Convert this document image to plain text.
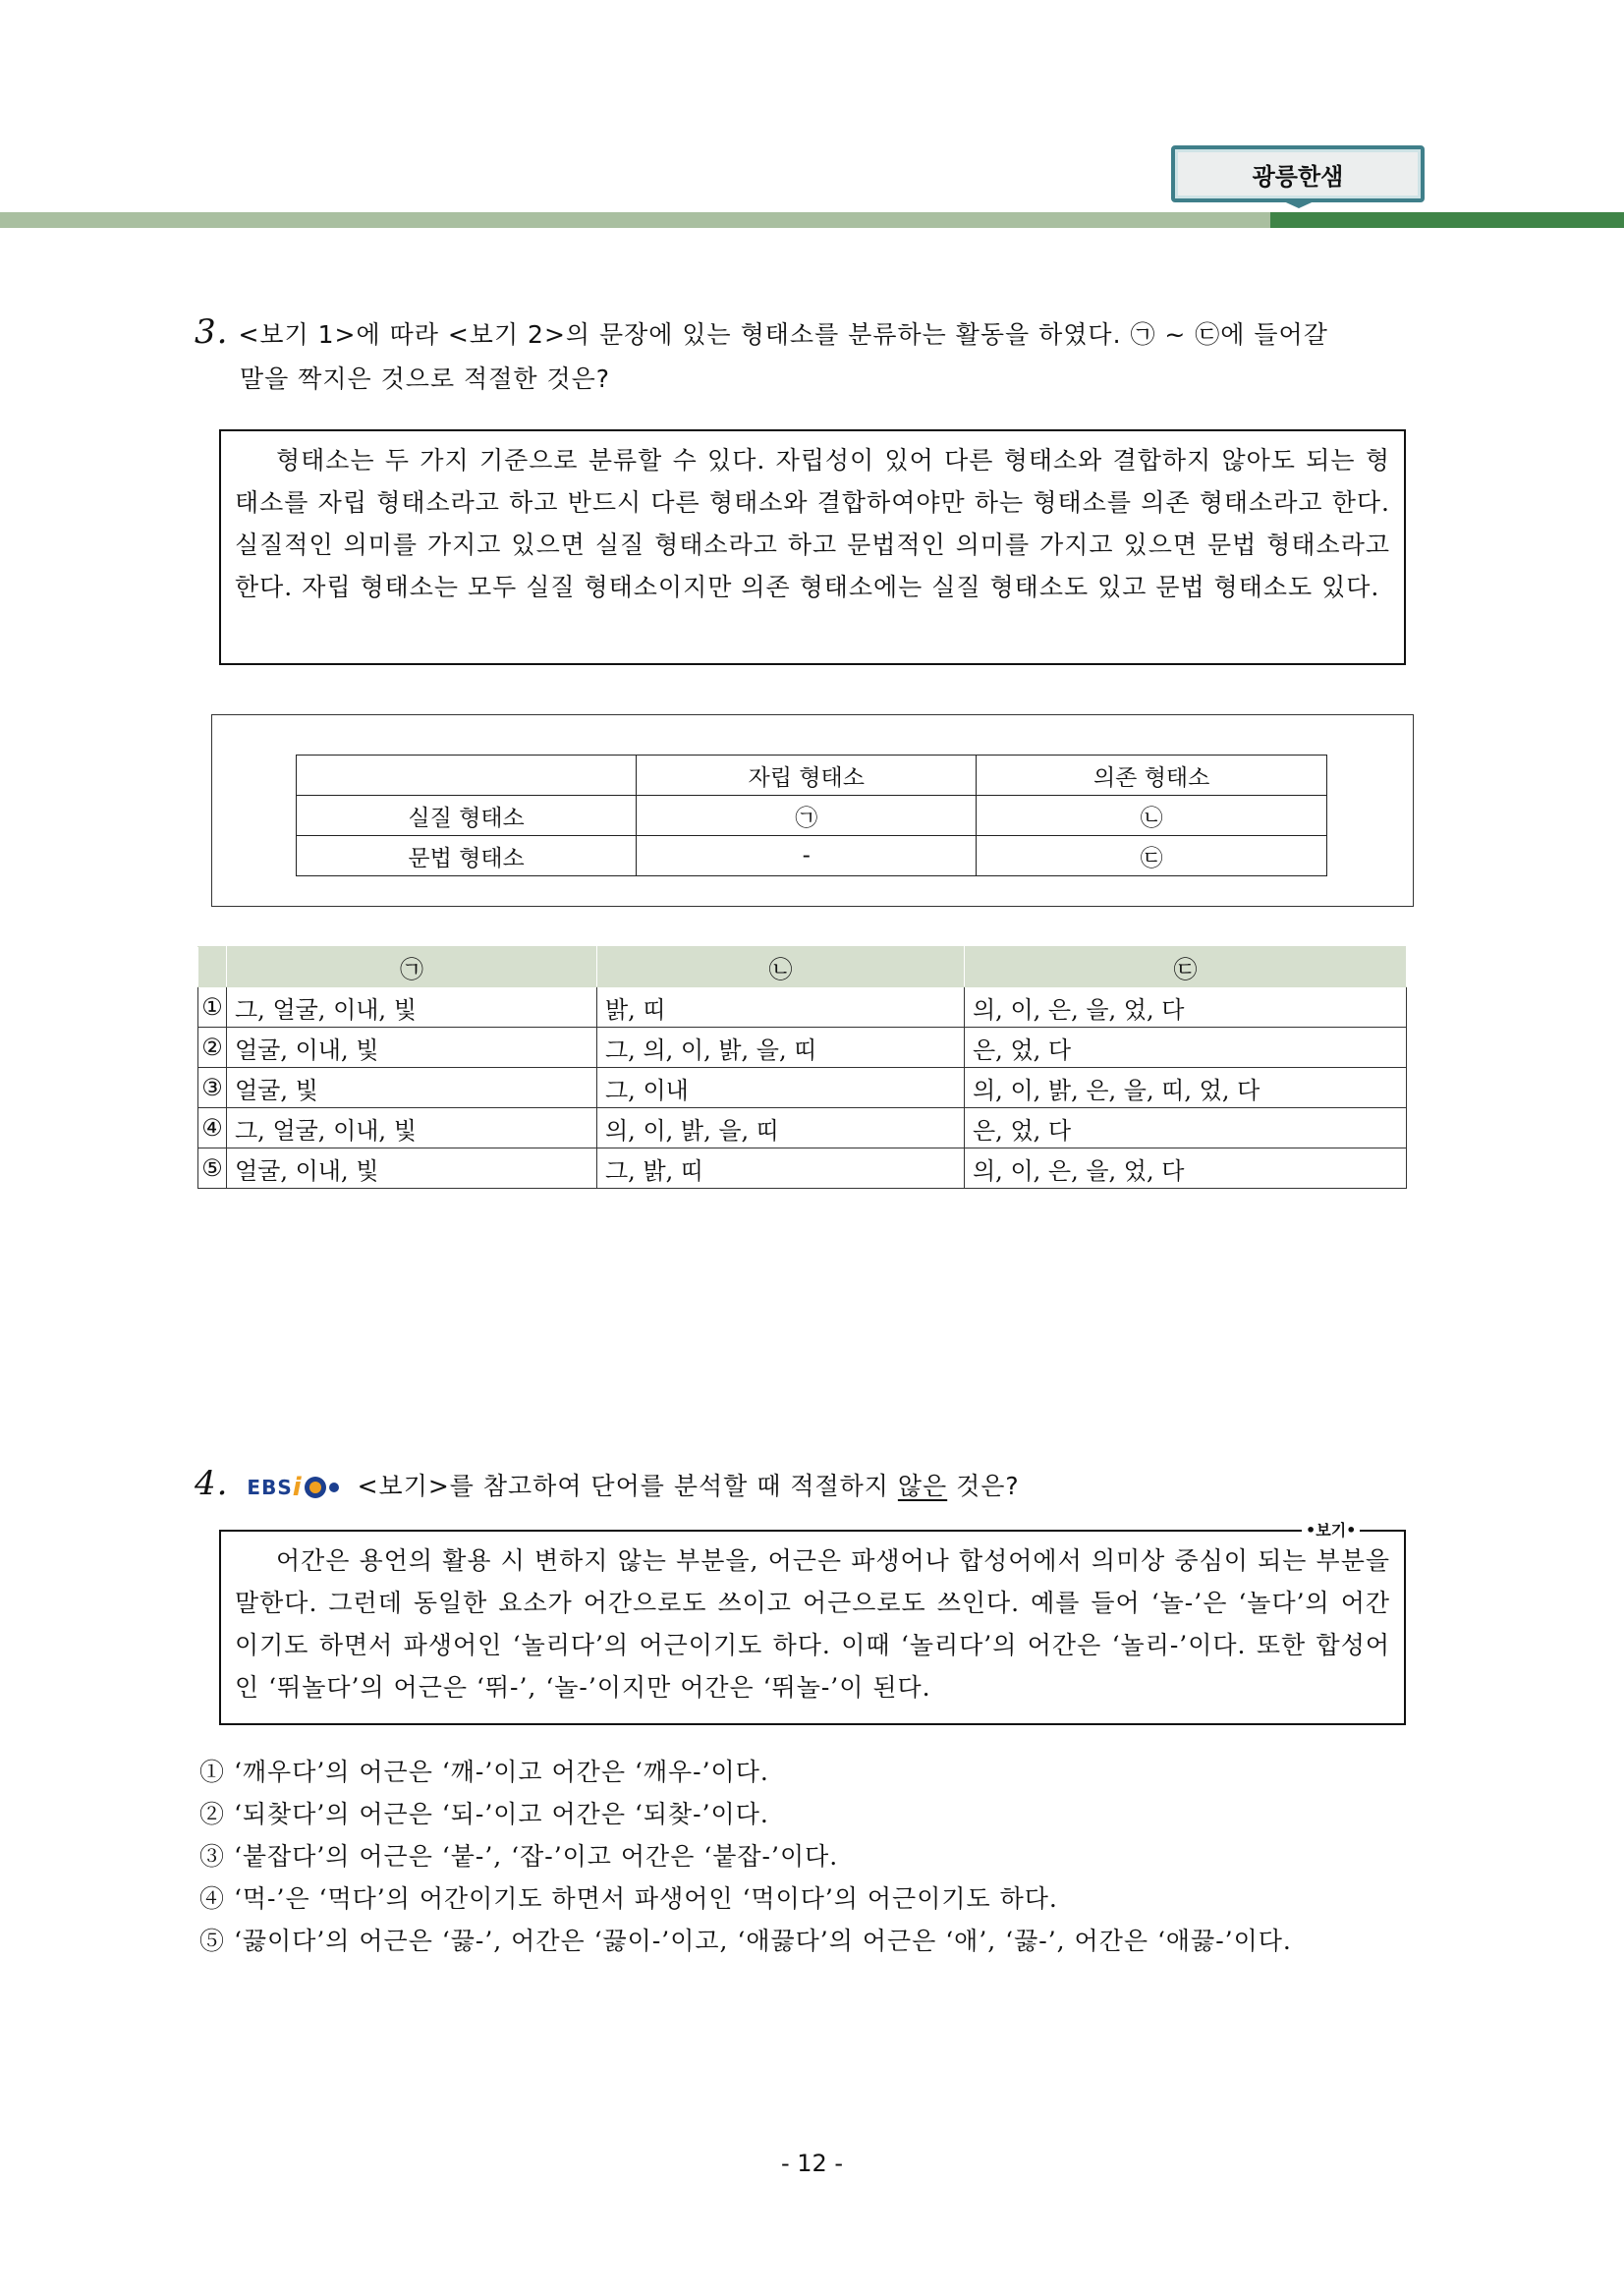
광릉한샘
3. <보기 1>에 따라 <보기 2>의 문장에 있는 형태소를 분류하는 활동을 하였다. ㉠ ~ ㉢에 들어갈
말을 짝지은 것으로 적절한 것은?
형태소는 두 가지 기준으로 분류할 수 있다. 자립성이 있어 다른 형태소와 결합하지 않아도 되는 형태소를 자립 형태소라고 하고 반드시 다른 형태소와 결합하여야만 하는 형태소를 의존 형태소라고 한다. 실질적인 의미를 가지고 있으면 실질 형태소라고 하고 문법적인 의미를 가지고 있으면 문법 형태소라고 한다. 자립 형태소는 모두 실질 형태소이지만 의존 형태소에는 실질 형태소도 있고 문법 형태소도 있다.
	자립 형태소	의존 형태소
실질 형태소	㉠	㉡
문법 형태소	-	㉢
	㉠	㉡	㉢
①	그, 얼굴, 이내, 빛	밝, 띠	의, 이, 은, 을, 었, 다
②	얼굴, 이내, 빛	그, 의, 이, 밝, 을, 띠	은, 었, 다
③	얼굴, 빛	그, 이내	의, 이, 밝, 은, 을, 띠, 었, 다
④	그, 얼굴, 이내, 빛	의, 이, 밝, 을, 띠	은, 었, 다
⑤	얼굴, 이내, 빛	그, 밝, 띠	의, 이, 은, 을, 었, 다
4. EBS i <보기>를 참고하여 단어를 분석할 때 적절하지 않은 것은?
어간은 용언의 활용 시 변하지 않는 부분을, 어근은 파생어나 합성어에서 의미상 중심이 되는 부분을 말한다. 그런데 동일한 요소가 어간으로도 쓰이고 어근으로도 쓰인다. 예를 들어 ‘놀-’은 ‘놀다’의 어간이기도 하면서 파생어인 ‘놀리다’의 어근이기도 하다. 이때 ‘놀리다’의 어간은 ‘놀리-’이다. 또한 합성어인 ‘뛰놀다’의 어근은 ‘뛰-’, ‘놀-’이지만 어간은 ‘뛰놀-’이 된다.
•보기•
① ‘깨우다’의 어근은 ‘깨-’이고 어간은 ‘깨우-’이다.
② ‘되찾다’의 어근은 ‘되-’이고 어간은 ‘되찾-’이다.
③ ‘붙잡다’의 어근은 ‘붙-’, ‘잡-’이고 어간은 ‘붙잡-’이다.
④ ‘먹-’은 ‘먹다’의 어간이기도 하면서 파생어인 ‘먹이다’의 어근이기도 하다.
⑤ ‘끓이다’의 어근은 ‘끓-’, 어간은 ‘끓이-’이고, ‘애끓다’의 어근은 ‘애’, ‘끓-’, 어간은 ‘애끓-’이다.
- 12 -
